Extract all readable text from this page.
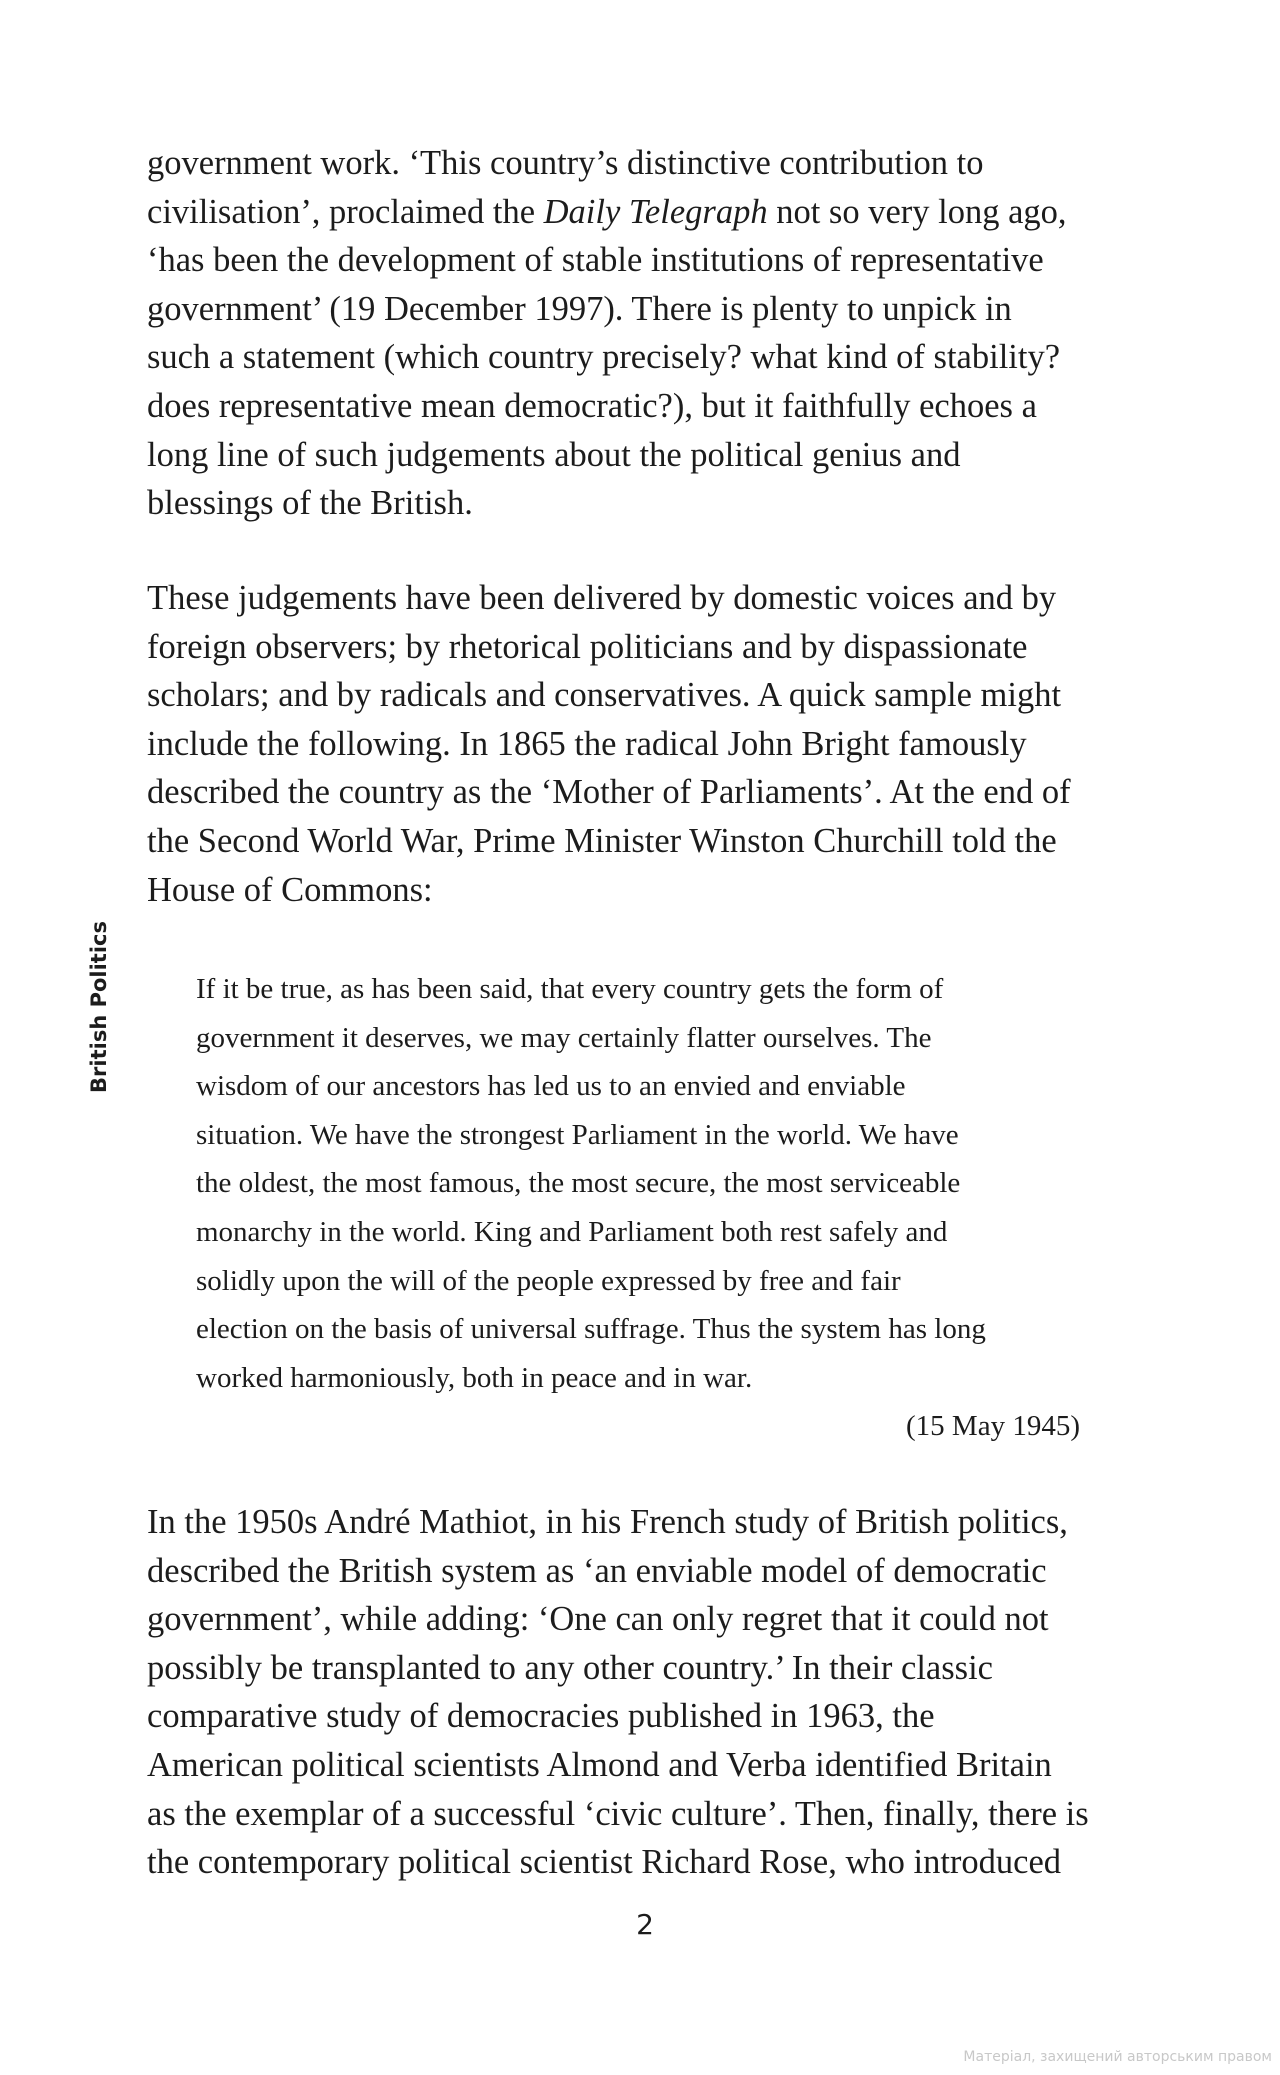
British Politics

government work. ‘This country’s distinctive contribution to
civilisation’, proclaimed the Daily Telegraph not so very long ago,
‘has been the development of stable institutions of representative
government’ (19 December 1997). There is plenty to unpick in
such a statement (which country precisely? what kind of stability?
does representative mean democratic?), but it faithfully echoes a
long line of such judgements about the political genius and
blessings of the British.

These judgements have been delivered by domestic voices and by
foreign observers; by rhetorical politicians and by dispassionate
scholars; and by radicals and conservatives. A quick sample might
include the following. In 1865 the radical John Bright famously
described the country as the ‘Mother of Parliaments’. At the end of
the Second World War, Prime Minister Winston Churchill told the
House of Commons:

If it be true, as has been said, that every country gets the form of
government it deserves, we may certainly flatter ourselves. The
wisdom of our ancestors has led us to an envied and enviable
situation. We have the strongest Parliament in the world. We have
the oldest, the most famous, the most secure, the most serviceable
monarchy in the world. King and Parliament both rest safely and
solidly upon the will of the people expressed by free and fair
election on the basis of universal suffrage. Thus the system has long
worked harmoniously, both in peace and in war.
(15 May 1945)

In the 1950s André Mathiot, in his French study of British politics,
described the British system as ‘an enviable model of democratic
government’, while adding: ‘One can only regret that it could not
possibly be transplanted to any other country.’ In their classic
comparative study of democracies published in 1963, the
American political scientists Almond and Verba identified Britain
as the exemplar of a successful ‘civic culture’. Then, finally, there is
the contemporary political scientist Richard Rose, who introduced

2
Матеріал, захищений авторським правом
